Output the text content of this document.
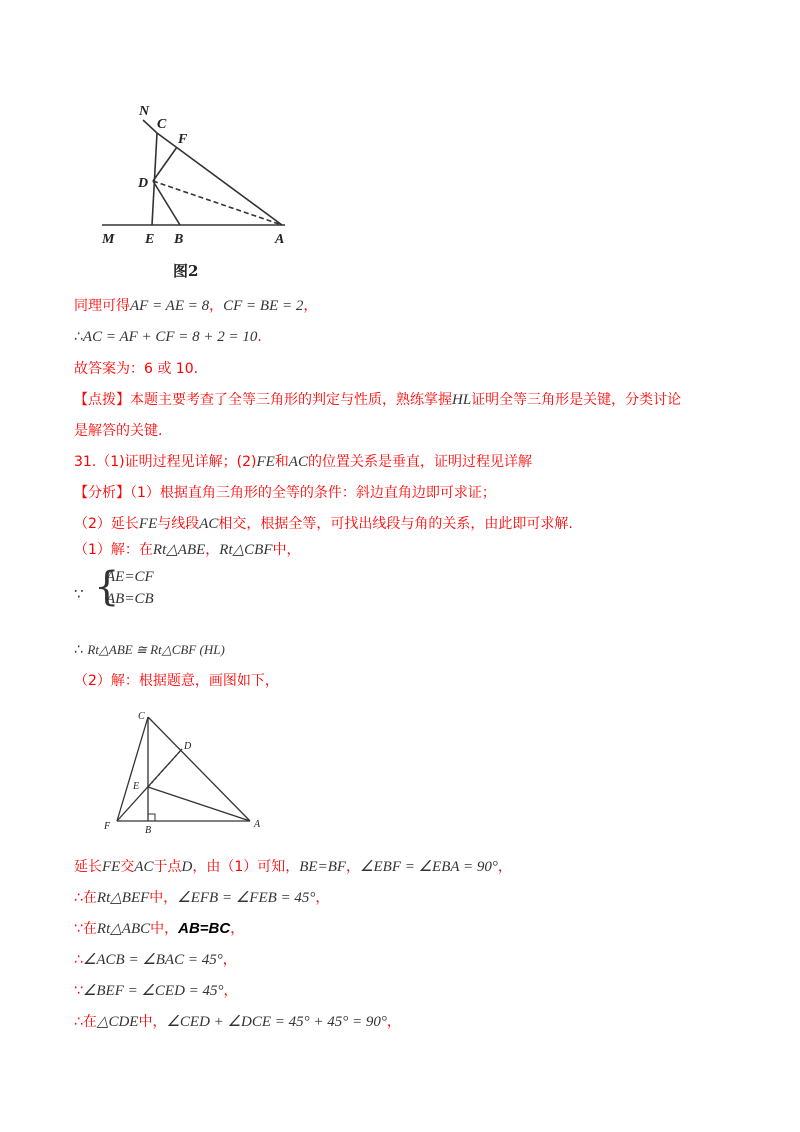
N
C
F
D
M E B	A
图2
同理可得AF = AE = 8，CF = BE = 2，
∴AC = AF + CF = 8 + 2 = 10.
故答案为：6 或 10.
【点拨】本题主要考查了全等三角形的判定与性质，熟练掌握HL证明全等三角形是关键，分类讨论
是解答的关键.
31.（1)证明过程见详解；(2)FE和AC的位置关系是垂直，证明过程见详解
【分析】（1）根据直角三角形的全等的条件：斜边直角边即可求证；
（2）延长FE与线段AC相交，根据全等，可找出线段与角的关系，由此即可求解.
（1）解：在Rt△ABE，Rt△CBF中，
∵ {
AE=CF
AB=CB
∴ Rt△ABE ≅ Rt△CBF (HL)
（2）解：根据题意，画图如下，
C
D
E
F	B
A
延长FE交AC于点D，由（1）可知，BE=BF，∠EBF = ∠EBA = 90°，
∴在Rt△BEF中，∠EFB = ∠FEB = 45°，
∵在Rt△ABC中，AB=BC，
∴∠ACB = ∠BAC = 45°，
∵∠BEF = ∠CED = 45°，
∴在△CDE中，∠CED + ∠DCE = 45° + 45° = 90°，
